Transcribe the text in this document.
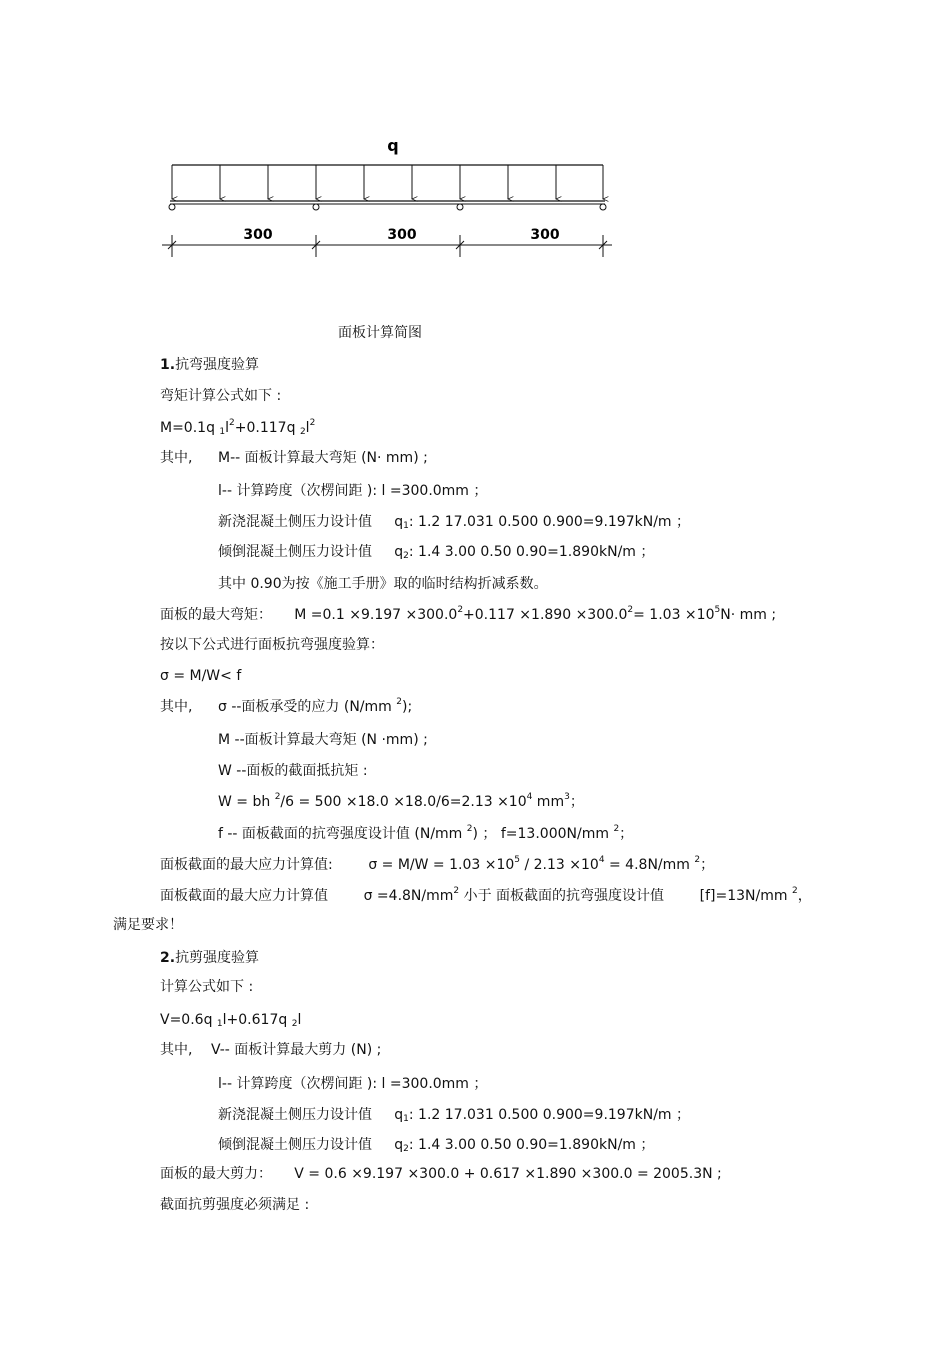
q
300	300	300
面板计算简图
1.抗弯强度验算
弯矩计算公式如下 :
M=0.1q $_1l^2+0.117q$ $_2l^2$
其中, M-- 面板计算最大弯矩 (N· mm) ;
l-- 计算跨度（次楞间距 ): l =300.0mm ；
新浇混凝土侧压力设计值     $q_1$: 1.2 17.031 0.500 0.900=9.197kN/m ；
倾倒混凝土侧压力设计值     $q_2$: 1.4 3.00 0.50 0.90=1.890kN/m ；
其中 0.90为按《施工手册》取的临时结构折减系数。
面板的最大弯矩： $M =0.1 \times 9.197 \times 300.0^2+0.117 \times 1.890 \times 300.0^2= 1.03 \times 10^5N\cdot$ mm ;
按以下公式进行面板抗弯强度验算：
σ = M/W< f
其中, σ --面板承受的应力 (N/mm $^2$);
M --面板计算最大弯矩 (N ·mm) ;
W --面板的截面抵抗矩 :
W = bh $^2/6 = 500 \times 18.0 \times 18.0/6=2.13 \times 10^4$ $mm^3$；
f -- 面板截面的抗弯强度设计值 (N/mm $^2$) ； f=13.000N/mm $^2$；
面板截面的最大应力计算值:	$\sigma = M/W = 1.03 \times 10^5 / 2.13 \times 10^4 = 4.8N/mm$ $^2$；
面板截面的最大应力计算值	$\sigma =4.8N/mm^2$ 小于 面板截面的抗弯强度设计值	[f]=13N/mm $^2$，
满足要求！
2.抗剪强度验算
计算公式如下 :
V=0.6q $_1$l+0.617q $_2$l
其中, V-- 面板计算最大剪力 (N) ;
l-- 计算跨度（次楞间距 ): l =300.0mm ；
新浇混凝土侧压力设计值     $q_1$: 1.2 17.031 0.500 0.900=9.197kN/m ；
倾倒混凝土侧压力设计值     $q_2$: 1.4 3.00 0.50 0.90=1.890kN/m ；
面板的最大剪力： V = 0.6 ×9.197 ×300.0 + 0.617 ×1.890 ×300.0 = 2005.3N ;
截面抗剪强度必须满足 :
